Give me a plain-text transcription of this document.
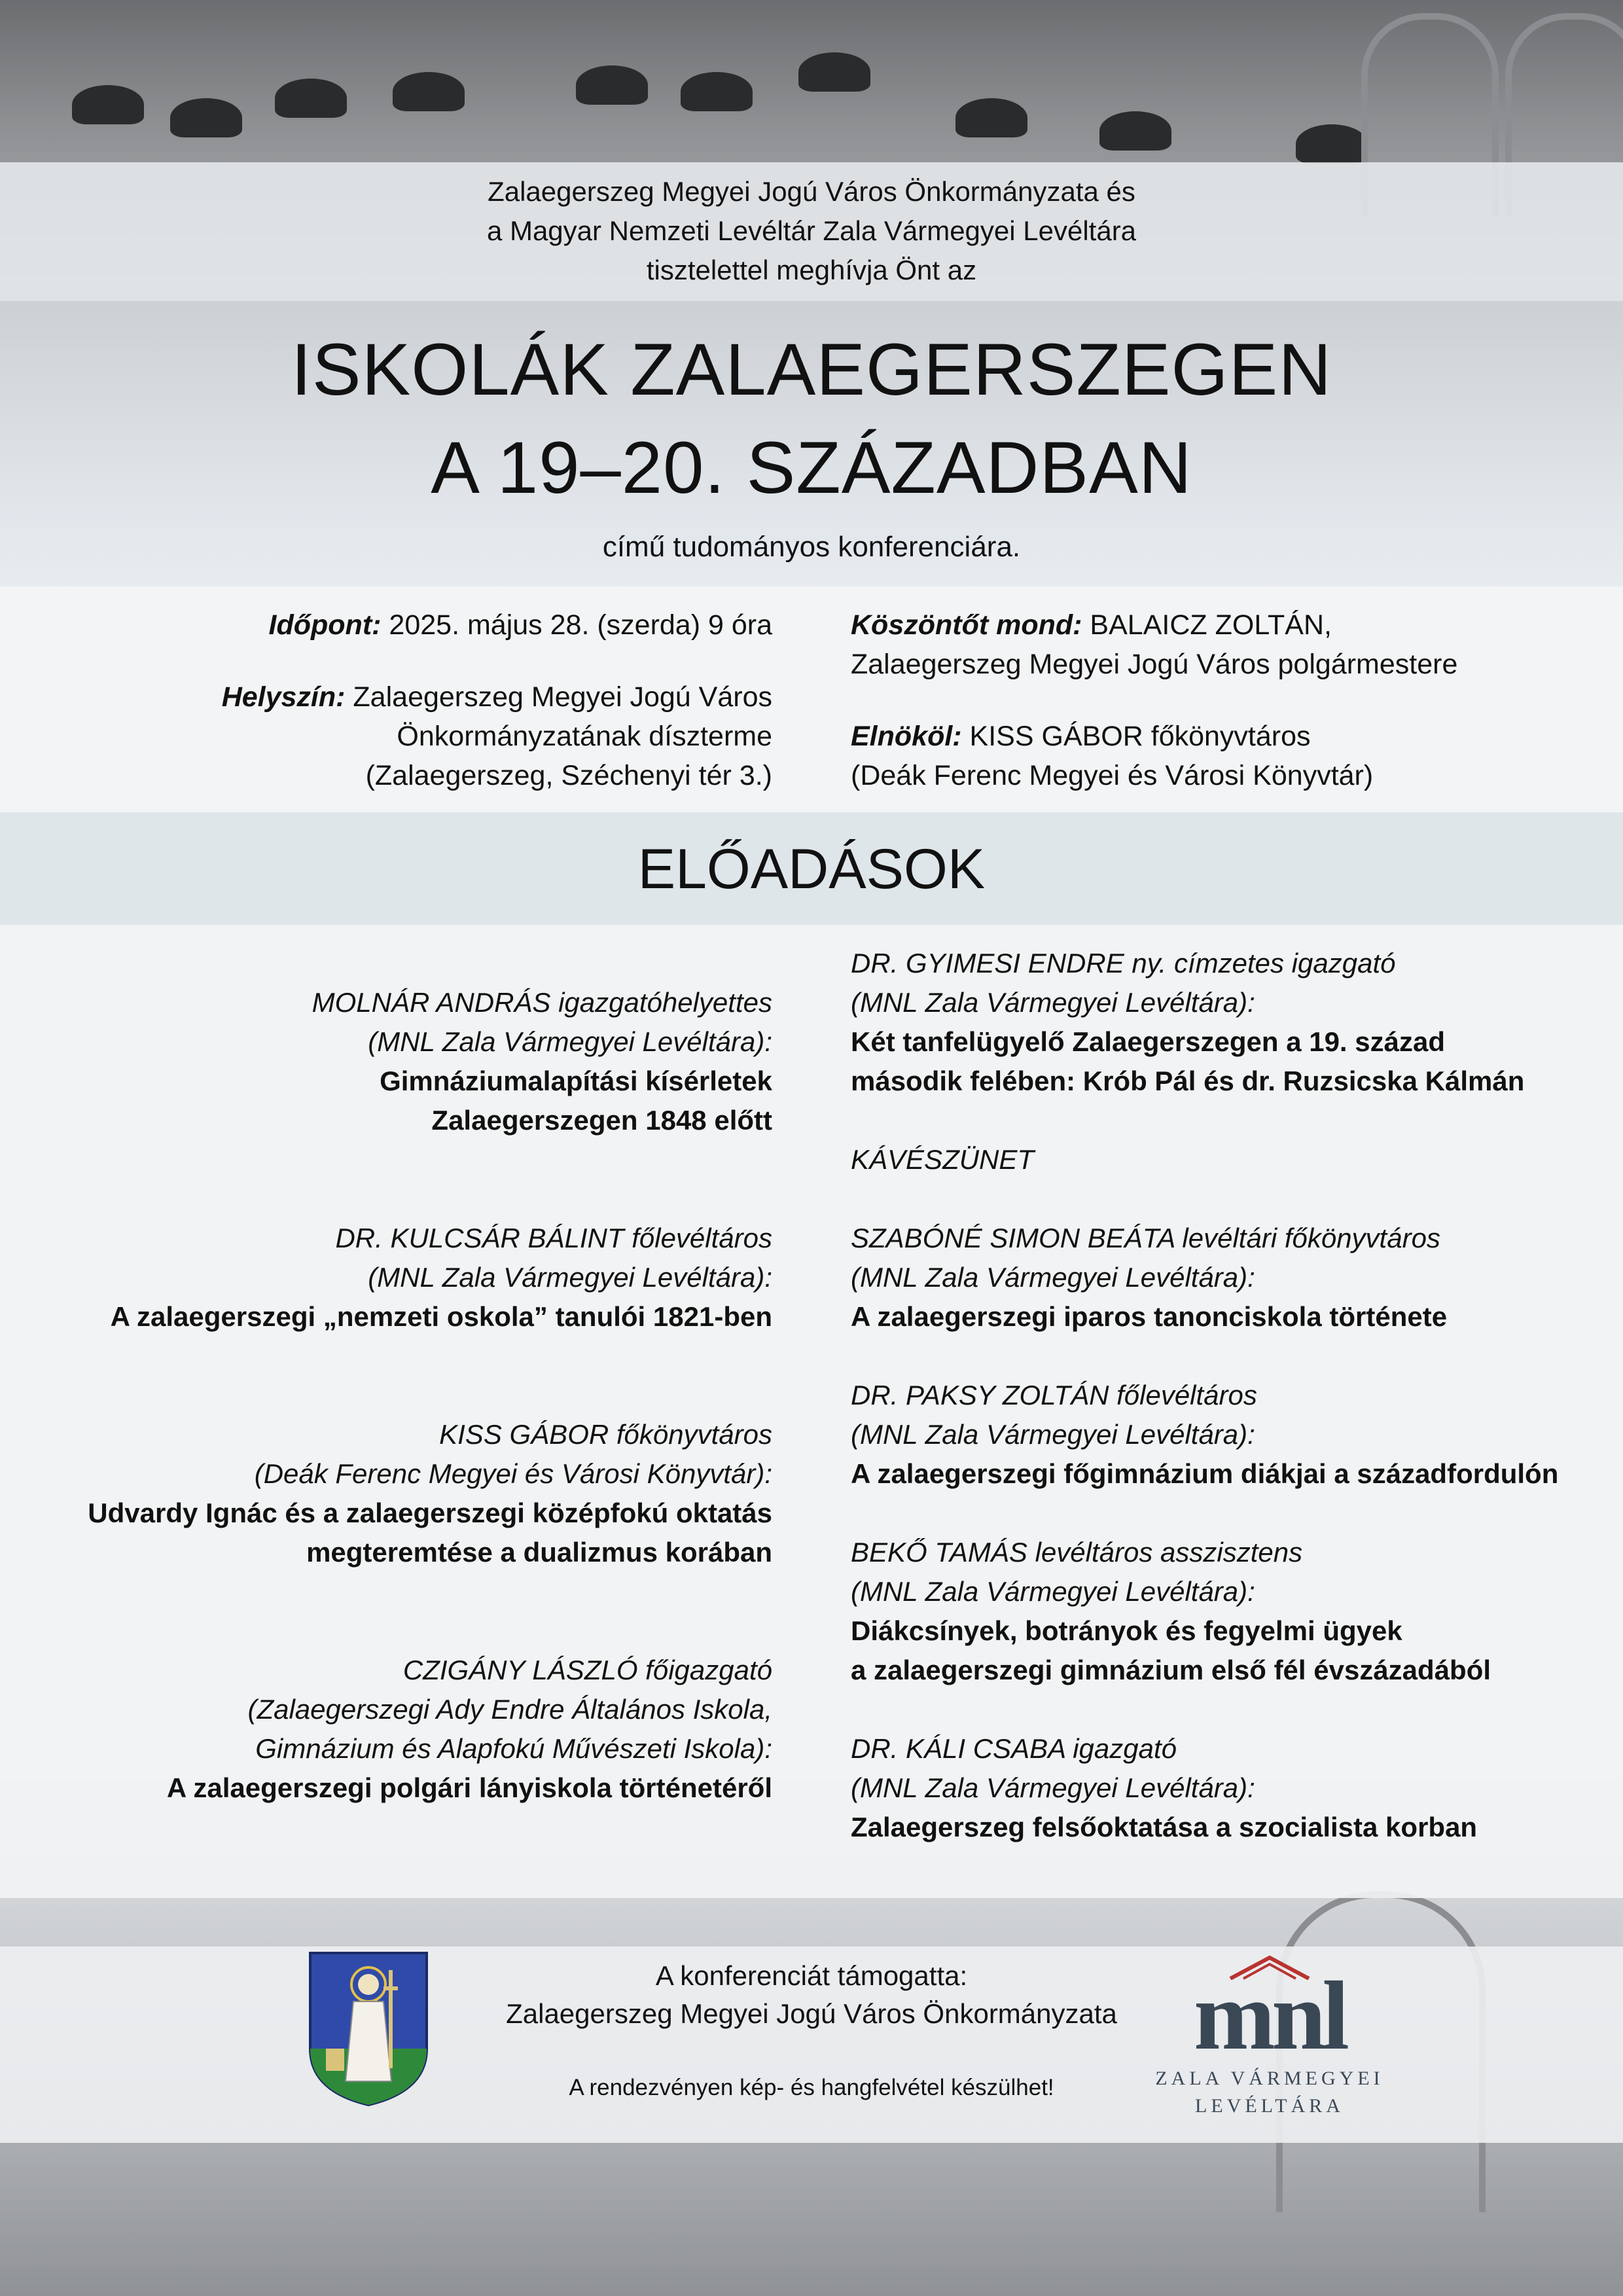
Zalaegerszeg Megyei Jogú Város Önkormányzata és
a Magyar Nemzeti Levéltár Zala Vármegyei Levéltára
tisztelettel meghívja Önt az
ISKOLÁK ZALAEGERSZEGEN
A 19–20. SZÁZADBAN
című tudományos konferenciára.
Időpont: 2025. május 28. (szerda) 9 óra
Helyszín: Zalaegerszeg Megyei Jogú Város
Önkormányzatának díszterme
(Zalaegerszeg, Széchenyi tér 3.)
Köszöntőt mond: BALAICZ ZOLTÁN,
Zalaegerszeg Megyei Jogú Város polgármestere
Elnököl: KISS GÁBOR főkönyvtáros
(Deák Ferenc Megyei és Városi Könyvtár)
ELŐADÁSOK
MOLNÁR ANDRÁS igazgatóhelyettes
(MNL Zala Vármegyei Levéltára):
Gimnáziumalapítási kísérletek
Zalaegerszegen 1848 előtt
DR. KULCSÁR BÁLINT főlevéltáros
(MNL Zala Vármegyei Levéltára):
A zalaegerszegi „nemzeti oskola” tanulói 1821-ben
KISS GÁBOR főkönyvtáros
(Deák Ferenc Megyei és Városi Könyvtár):
Udvardy Ignác és a zalaegerszegi középfokú oktatás
megteremtése a dualizmus korában
CZIGÁNY LÁSZLÓ főigazgató
(Zalaegerszegi Ady Endre Általános Iskola,
Gimnázium és Alapfokú Művészeti Iskola):
A zalaegerszegi polgári lányiskola történetéről
DR. GYIMESI ENDRE ny. címzetes igazgató
(MNL Zala Vármegyei Levéltára):
Két tanfelügyelő Zalaegerszegen a 19. század
második felében: Krób Pál és dr. Ruzsicska Kálmán
KÁVÉSZÜNET
SZABÓNÉ SIMON BEÁTA levéltári főkönyvtáros
(MNL Zala Vármegyei Levéltára):
A zalaegerszegi iparos tanonciskola története
DR. PAKSY ZOLTÁN főlevéltáros
(MNL Zala Vármegyei Levéltára):
A zalaegerszegi főgimnázium diákjai a századfordulón
BEKŐ TAMÁS levéltáros asszisztens
(MNL Zala Vármegyei Levéltára):
Diákcsínyek, botrányok és fegyelmi ügyek
a zalaegerszegi gimnázium első fél évszázadából
DR. KÁLI CSABA igazgató
(MNL Zala Vármegyei Levéltára):
Zalaegerszeg felsőoktatása a szocialista korban
A konferenciát támogatta:
Zalaegerszeg Megyei Jogú Város Önkormányzata
A rendezvényen kép- és hangfelvétel készülhet!
mnl
ZALA VÁRMEGYEI
LEVÉLTÁRA
